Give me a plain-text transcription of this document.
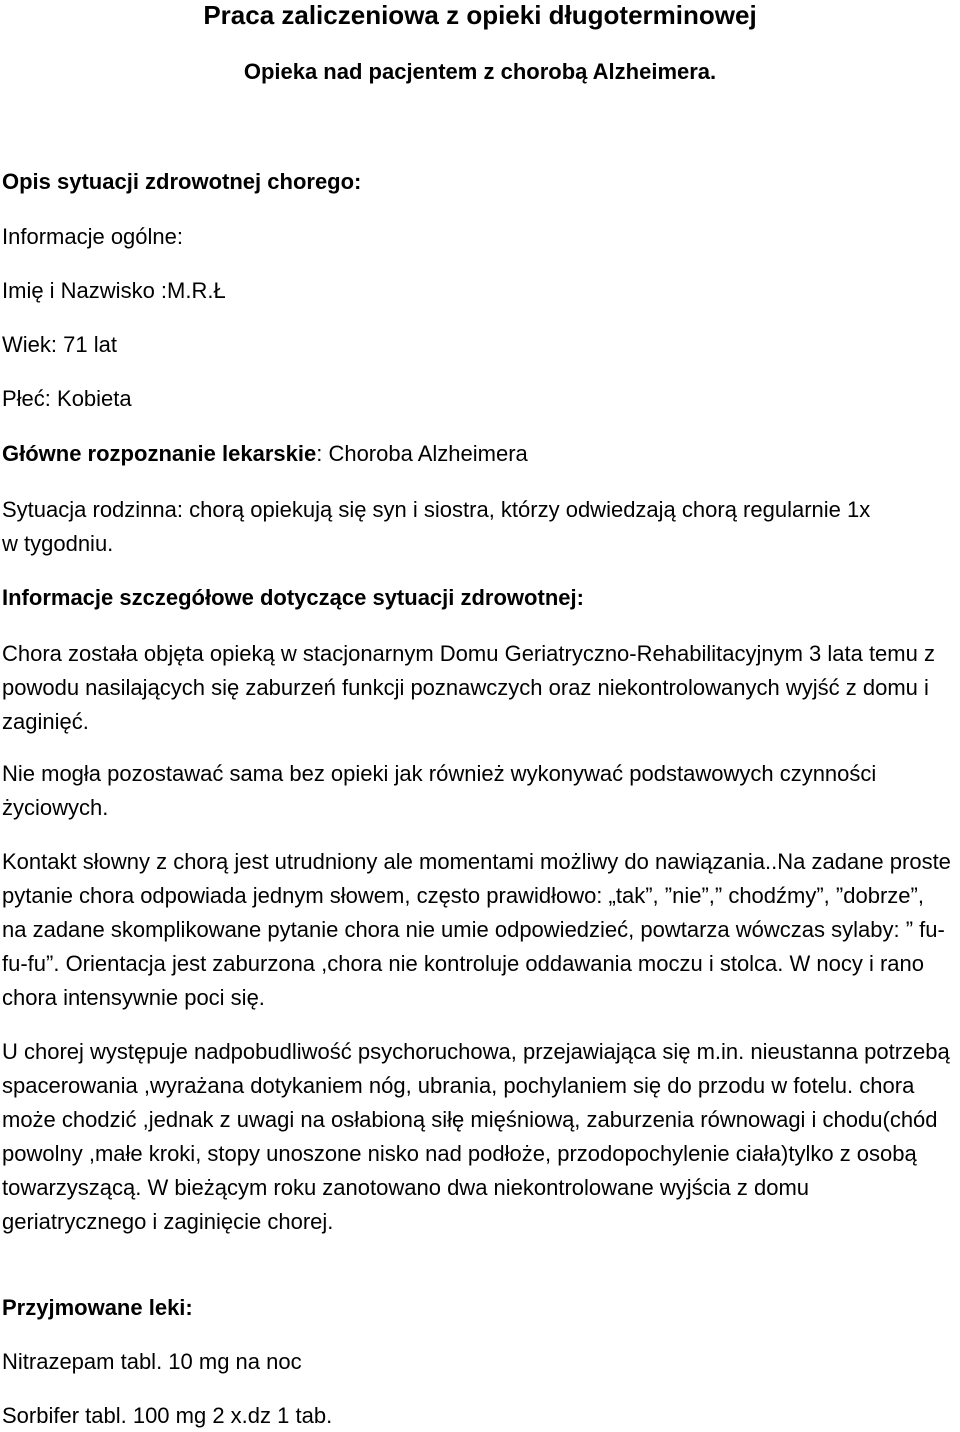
Praca zaliczeniowa z opieki długoterminowej
Opieka nad pacjentem z chorobą Alzheimera.
Opis sytuacji zdrowotnej chorego:
Informacje ogólne:
Imię i Nazwisko :M.R.Ł
Wiek: 71 lat
Płeć: Kobieta
Główne rozpoznanie lekarskie: Choroba Alzheimera
Sytuacja rodzinna: chorą opiekują się syn i siostra, którzy odwiedzają chorą regularnie 1x w tygodniu.
Informacje szczegółowe dotyczące sytuacji zdrowotnej:
Chora została objęta opieką w stacjonarnym Domu Geriatryczno-Rehabilitacyjnym 3 lata temu z powodu nasilających się zaburzeń funkcji poznawczych oraz niekontrolowanych wyjść z domu i zaginięć.
Nie mogła pozostawać sama bez opieki jak również wykonywać podstawowych czynności życiowych.
Kontakt słowny z chorą jest utrudniony ale momentami możliwy do nawiązania..Na zadane proste pytanie chora odpowiada jednym słowem, często prawidłowo: „tak”, ”nie”,” chodźmy”, ”dobrze”, na zadane skomplikowane pytanie chora nie umie odpowiedzieć, powtarza wówczas sylaby: ” fu-fu-fu”. Orientacja jest zaburzona ,chora nie kontroluje oddawania moczu i stolca. W nocy i rano chora intensywnie poci się.
U chorej występuje nadpobudliwość psychoruchowa, przejawiająca się m.in. nieustanna potrzebą spacerowania ,wyrażana dotykaniem nóg, ubrania, pochylaniem się do przodu w fotelu. chora może chodzić ,jednak z uwagi na osłabioną siłę mięśniową, zaburzenia równowagi i chodu(chód powolny ,małe kroki, stopy unoszone nisko nad podłoże, przodopochylenie ciała)tylko z osobą towarzyszącą. W bieżącym roku zanotowano dwa niekontrolowane wyjścia z domu geriatrycznego i zaginięcie chorej.
Przyjmowane leki:
Nitrazepam tabl. 10 mg na noc
Sorbifer tabl. 100 mg 2 x.dz 1 tab.
